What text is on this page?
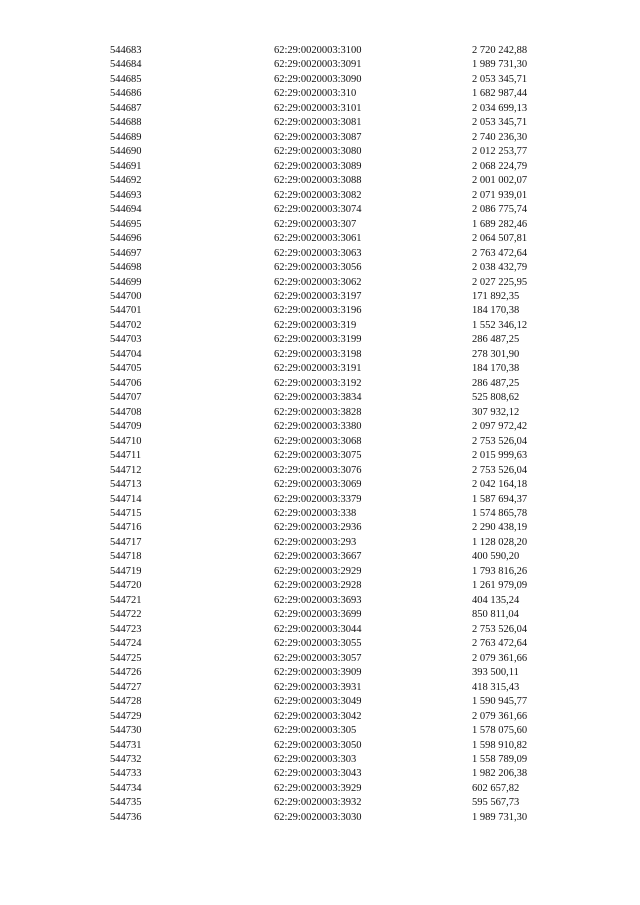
544683	62:29:0020003:3100	2 720 242,88
544684	62:29:0020003:3091	1 989 731,30
544685	62:29:0020003:3090	2 053 345,71
544686	62:29:0020003:310	1 682 987,44
544687	62:29:0020003:3101	2 034 699,13
544688	62:29:0020003:3081	2 053 345,71
544689	62:29:0020003:3087	2 740 236,30
544690	62:29:0020003:3080	2 012 253,77
544691	62:29:0020003:3089	2 068 224,79
544692	62:29:0020003:3088	2 001 002,07
544693	62:29:0020003:3082	2 071 939,01
544694	62:29:0020003:3074	2 086 775,74
544695	62:29:0020003:307	1 689 282,46
544696	62:29:0020003:3061	2 064 507,81
544697	62:29:0020003:3063	2 763 472,64
544698	62:29:0020003:3056	2 038 432,79
544699	62:29:0020003:3062	2 027 225,95
544700	62:29:0020003:3197	171 892,35
544701	62:29:0020003:3196	184 170,38
544702	62:29:0020003:319	1 552 346,12
544703	62:29:0020003:3199	286 487,25
544704	62:29:0020003:3198	278 301,90
544705	62:29:0020003:3191	184 170,38
544706	62:29:0020003:3192	286 487,25
544707	62:29:0020003:3834	525 808,62
544708	62:29:0020003:3828	307 932,12
544709	62:29:0020003:3380	2 097 972,42
544710	62:29:0020003:3068	2 753 526,04
544711	62:29:0020003:3075	2 015 999,63
544712	62:29:0020003:3076	2 753 526,04
544713	62:29:0020003:3069	2 042 164,18
544714	62:29:0020003:3379	1 587 694,37
544715	62:29:0020003:338	1 574 865,78
544716	62:29:0020003:2936	2 290 438,19
544717	62:29:0020003:293	1 128 028,20
544718	62:29:0020003:3667	400 590,20
544719	62:29:0020003:2929	1 793 816,26
544720	62:29:0020003:2928	1 261 979,09
544721	62:29:0020003:3693	404 135,24
544722	62:29:0020003:3699	850 811,04
544723	62:29:0020003:3044	2 753 526,04
544724	62:29:0020003:3055	2 763 472,64
544725	62:29:0020003:3057	2 079 361,66
544726	62:29:0020003:3909	393 500,11
544727	62:29:0020003:3931	418 315,43
544728	62:29:0020003:3049	1 590 945,77
544729	62:29:0020003:3042	2 079 361,66
544730	62:29:0020003:305	1 578 075,60
544731	62:29:0020003:3050	1 598 910,82
544732	62:29:0020003:303	1 558 789,09
544733	62:29:0020003:3043	1 982 206,38
544734	62:29:0020003:3929	602 657,82
544735	62:29:0020003:3932	595 567,73
544736	62:29:0020003:3030	1 989 731,30
